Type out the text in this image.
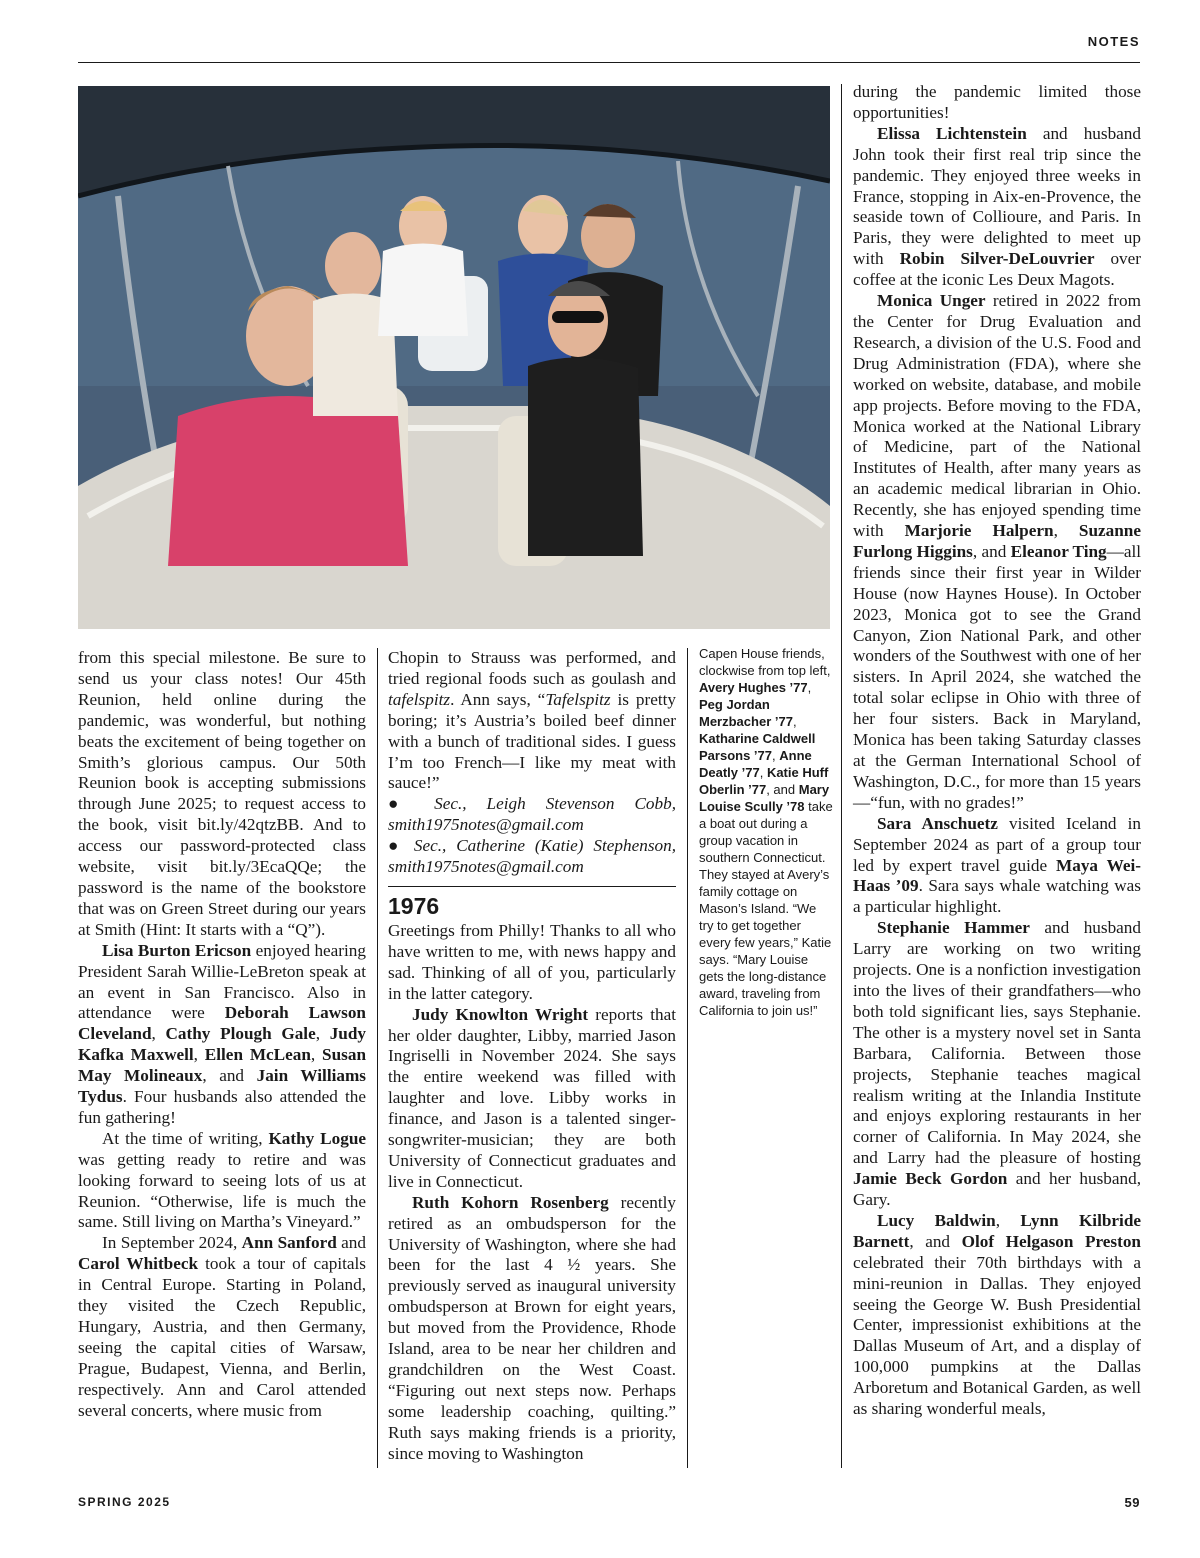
NOTES

from this special milestone. Be sure to send us your class notes! Our 45th Reunion, held online during the pandemic, was wonderful, but nothing beats the excitement of being together on Smith’s glorious campus. Our 50th Reunion book is accepting submissions through June 2025; to request access to the book, visit bit.ly/42qtzBB. And to access our password-protected class website, visit bit.ly/3EcaQQe; the password is the name of the bookstore that was on Green Street during our years at Smith (Hint: It starts with a “Q”).

Lisa Burton Ericson enjoyed hearing President Sarah Willie-LeBreton speak at an event in San Francisco. Also in attendance were Deborah Lawson Cleveland, Cathy Plough Gale, Judy Kafka Maxwell, Ellen McLean, Susan May Molineaux, and Jain Williams Tydus. Four husbands also attended the fun gathering!

At the time of writing, Kathy Logue was getting ready to retire and was looking forward to seeing lots of us at Reunion. “Otherwise, life is much the same. Still living on Martha’s Vineyard.”

In September 2024, Ann Sanford and Carol Whitbeck took a tour of capitals in Central Europe. Starting in Poland, they visited the Czech Republic, Hungary, Austria, and then Germany, seeing the capital cities of Warsaw, Prague, Budapest, Vienna, and Berlin, respectively. Ann and Carol attended several concerts, where music from

Chopin to Strauss was performed, and tried regional foods such as goulash and tafelspitz. Ann says, “Tafelspitz is pretty boring; it’s Austria’s boiled beef dinner with a bunch of traditional sides. I guess I’m too French—I like my meat with sauce!”

● Sec., Leigh Stevenson Cobb, smith1975notes@gmail.com

● Sec., Catherine (Katie) Stephenson, smith1975notes@gmail.com

1976

Greetings from Philly! Thanks to all who have written to me, with news happy and sad. Thinking of all of you, particularly in the latter category.

Judy Knowlton Wright reports that her older daughter, Libby, married Jason Ingriselli in November 2024. She says the entire weekend was filled with laughter and love. Libby works in finance, and Jason is a talented singer-songwriter-musician; they are both University of Connecticut graduates and live in Connecticut.

Ruth Kohorn Rosenberg recently retired as an ombudsperson for the University of Washington, where she had been for the last 4 ½ years. She previously served as inaugural university ombudsperson at Brown for eight years, but moved from the Providence, Rhode Island, area to be near her children and grandchildren on the West Coast. “Figuring out next steps now. Perhaps some leadership coaching, quilting.” Ruth says making friends is a priority, since moving to Washington

Capen House friends, clockwise from top left, Avery Hughes ’77, Peg Jordan Merzbacher ’77, Katharine Caldwell Parsons ’77, Anne Deatly ’77, Katie Huff Oberlin ’77, and Mary Louise Scully ’78 take a boat out during a group vacation in southern Connecticut. They stayed at Avery’s family cottage on Mason’s Island. “We try to get together every few years,” Katie says. “Mary Louise gets the long-distance award, traveling from California to join us!”

during the pandemic limited those opportunities!

Elissa Lichtenstein and husband John took their first real trip since the pandemic. They enjoyed three weeks in France, stopping in Aix-en-Provence, the seaside town of Collioure, and Paris. In Paris, they were delighted to meet up with Robin Silver-DeLouvrier over coffee at the iconic Les Deux Magots.

Monica Unger retired in 2022 from the Center for Drug Evaluation and Research, a division of the U.S. Food and Drug Administration (FDA), where she worked on website, database, and mobile app projects. Before moving to the FDA, Monica worked at the National Library of Medicine, part of the National Institutes of Health, after many years as an academic medical librarian in Ohio. Recently, she has enjoyed spending time with Marjorie Halpern, Suzanne Furlong Higgins, and Eleanor Ting—all friends since their first year in Wilder House (now Haynes House). In October 2023, Monica got to see the Grand Canyon, Zion National Park, and other wonders of the Southwest with one of her sisters. In April 2024, she watched the total solar eclipse in Ohio with three of her four sisters. Back in Maryland, Monica has been taking Saturday classes at the German International School of Washington, D.C., for more than 15 years—“fun, with no grades!”

Sara Anschuetz visited Iceland in September 2024 as part of a group tour led by expert travel guide Maya Wei-Haas ’09. Sara says whale watching was a particular highlight.

Stephanie Hammer and husband Larry are working on two writing projects. One is a nonfiction investigation into the lives of their grandfathers—who both told significant lies, says Stephanie. The other is a mystery novel set in Santa Barbara, California. Between those projects, Stephanie teaches magical realism writing at the Inlandia Institute and enjoys exploring restaurants in her corner of California. In May 2024, she and Larry had the pleasure of hosting Jamie Beck Gordon and her husband, Gary.

Lucy Baldwin, Lynn Kilbride Barnett, and Olof Helgason Preston celebrated their 70th birthdays with a mini-reunion in Dallas. They enjoyed seeing the George W. Bush Presidential Center, impressionist exhibitions at the Dallas Museum of Art, and a display of 100,000 pumpkins at the Dallas Arboretum and Botanical Garden, as well as sharing wonderful meals,

SPRING 2025	59
